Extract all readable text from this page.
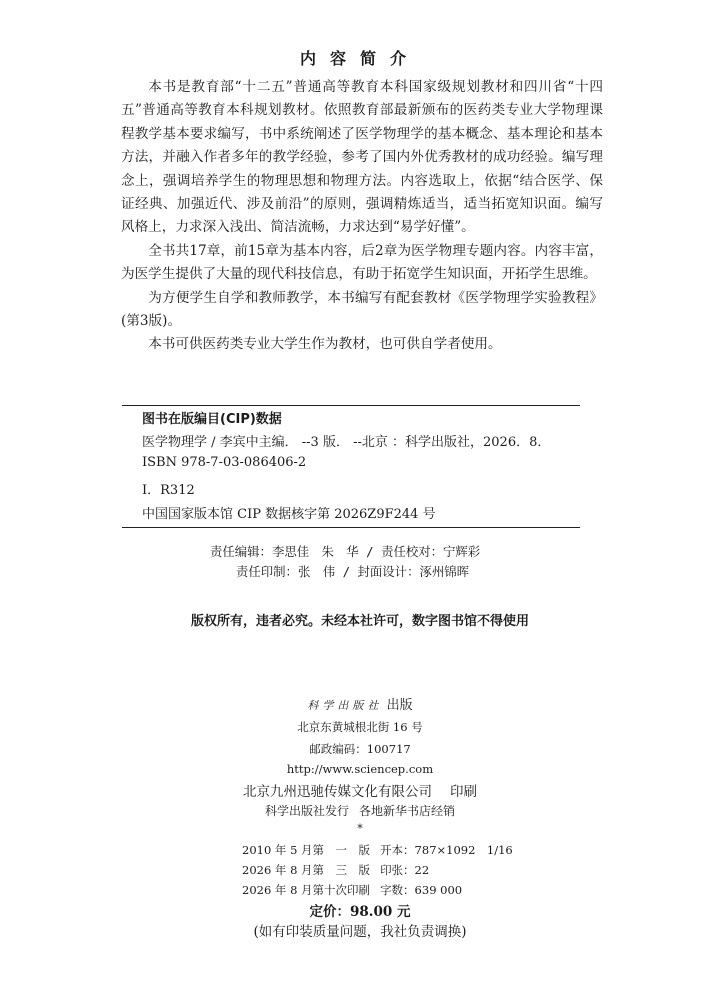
内容简介

本书是教育部“十二五”普通高等教育本科国家级规划教材和四川省“十四五”普通高等教育本科规划教材。依照教育部最新颁布的医药类专业大学物理课程教学基本要求编写，书中系统阐述了医学物理学的基本概念、基本理论和基本方法，并融入作者多年的教学经验，参考了国内外优秀教材的成功经验。编写理念上，强调培养学生的物理思想和物理方法。内容选取上，依据“结合医学、保证经典、加强近代、涉及前沿”的原则，强调精炼适当，适当拓宽知识面。编写风格上，力求深入浅出、简洁流畅，力求达到“易学好懂”。

全书共17章，前15章为基本内容，后2章为医学物理专题内容。内容丰富，为医学生提供了大量的现代科技信息，有助于拓宽学生知识面，开拓学生思维。

为方便学生自学和教师教学，本书编写有配套教材《医学物理学实验教程》(第3版)。

本书可供医药类专业大学生作为教材，也可供自学者使用。

图书在版编目(CIP)数据
医学物理学 / 李宾中主编． --3 版． --北京 ：科学出版社，2026．8．
ISBN 978-7-03-086406-2
Ⅰ．R312
中国国家版本馆 CIP 数据核字第 2026Z9F244 号
责任编辑：李思佳　朱　华 / 责任校对：宁辉彩
责任印制：张　伟 / 封面设计：涿州锦晖
版权所有，违者必究。未经本社许可，数字图书馆不得使用
科学出版社 出版
北京东黄城根北街 16 号
邮政编码：100717
http://www.sciencep.com
北京九州迅驰传媒文化有限公司 印刷
科学出版社发行 各地新华书店经销
*
2010 年 5 月第　一　版 开本：787×1092　1/16
2026 年 8 月第　三　版 印张：22
2026 年 8 月第十次印刷 字数：639 000
定价：98.00 元
(如有印装质量问题，我社负责调换)
